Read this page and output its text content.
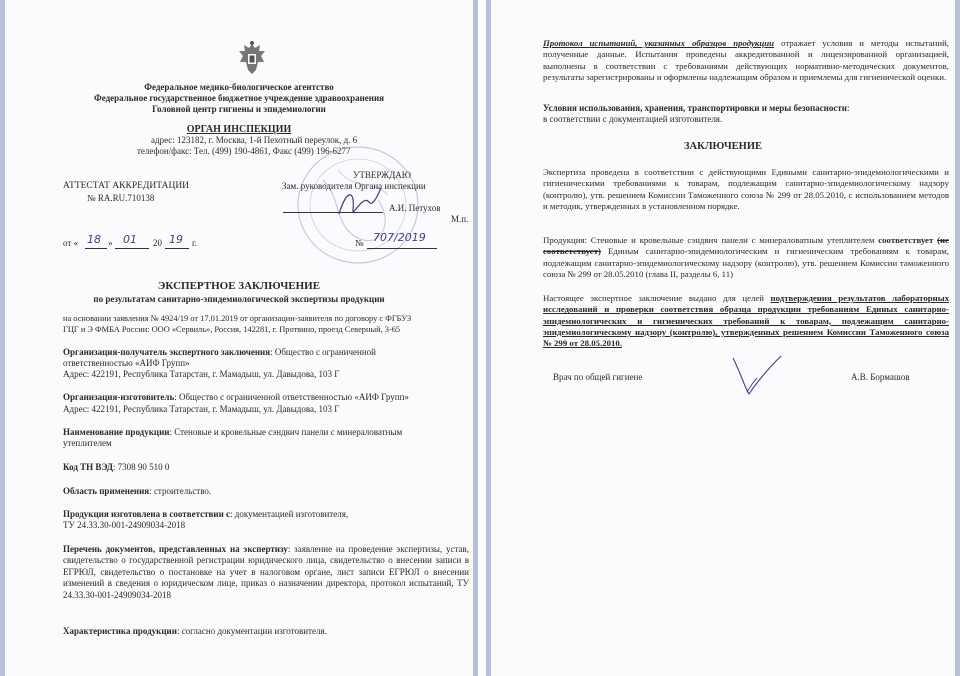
Федеральное медико-биологическое агентство
Федеральное государственное бюджетное учреждение здравоохранения
Головной центр гигиены и эпидемиологии
ОРГАН ИНСПЕКЦИИ
адрес: 123182, г. Москва, 1-й Пехотный переулок, д. 6
телефон/факс: Тел. (499) 190-4861, Факс (499) 196-6277
УТВЕРЖДАЮ
АТТЕСТАТ АККРЕДИТАЦИИ	Зам. руководителя Органа инспекции
№ RA.RU.710138
А.И. Петухов
М.п.
от « 18 » 01 20 19 г.	№ 707/2019
ЭКСПЕРТНОЕ ЗАКЛЮЧЕНИЕ
по результатам санитарно-эпидемиологической экспертизы продукции
на основании заявления № 4924/19 от 17.01.2019 от организации-заявителя по договору с ФГБУЗ
ГЦГ и Э ФМБА России: ООО «Сервиль», Россия, 142281, г. Протвино, проезд Северный, 3-65
Организация-получатель экспертного заключения: Общество с ограниченной
ответственностью «АИФ Групп»
Адрес: 422191, Республика Татарстан, г. Мамадыш, ул. Давыдова, 103 Г
Организация-изготовитель: Общество с ограниченной ответственностью «АИФ Групп»
Адрес: 422191, Республика Татарстан, г. Мамадыш, ул. Давыдова, 103 Г
Наименование продукции: Стеновые и кровельные сэндвич панели с минераловатным
утеплителем
Код ТН ВЭД: 7308 90 510 0
Область применения: строительство.
Продукция изготовлена в соответствии с: документацией изготовителя,
ТУ 24.33.30-001-24909034-2018
Перечень документов, представленных на экспертизу: заявление на проведение экспертизы, устав, свидетельство о государственной регистрации юридического лица, свидетельство о внесении записи в ЕГРЮЛ, свидетельство о постановке на учет в налоговом органе, лист записи ЕГРЮЛ о внесении изменений в сведения о юридическом лице, приказ о назначении директора, протокол испытаний, ТУ 24.33.30-001-24909034-2018
Характеристика продукции: согласно документации изготовителя.
Протокол испытаний, указанных образцов продукции отражает условия и методы испытаний, полученные данные. Испытания проведены аккредитованной и лицензированной организацией, выполнены в соответствии с требованиями действующих нормативно-методических документов, результаты зарегистрированы и оформлены надлежащим образом и приемлемы для гигиенической оценки.
Условия использования, хранения, транспортировки и меры безопасности:
в соответствии с документацией изготовителя.
ЗАКЛЮЧЕНИЕ
Экспертиза проведена в соответствии с действующими Едиными санитарно-эпидемиологическими и гигиеническими требованиями к товарам, подлежащим санитарно-эпидемиологическому надзору (контролю), утв. решением Комиссии Таможенного союза № 299 от 28.05.2010, с использованием методов и методик, утвержденных в установленном порядке.
Продукция: Стеновые и кровельные сэндвич панели с минераловатным утеплителем соответствует (не соответствует) Единым санитарно-эпидемиологическим и гигиеническим требованиям к товарам, подлежащим санитарно-эпидемиологическому надзору (контролю), утв. решением Комиссии таможенного союза № 299 от 28.05.2010 (глава II, разделы 6, 11)
Настоящее экспертное заключение выдано для целей подтверждения результатов лабораторных исследований и проверки соответствия образца продукции требованиям Единых санитарно-эпидемиологических и гигиенических требований к товарам, подлежащим санитарно-эпидемиологическому надзору (контролю), утвержденных решением Комиссии Таможенного союза № 299 от 28.05.2010.
Врач по общей гигиене	А.В. Бормашов
